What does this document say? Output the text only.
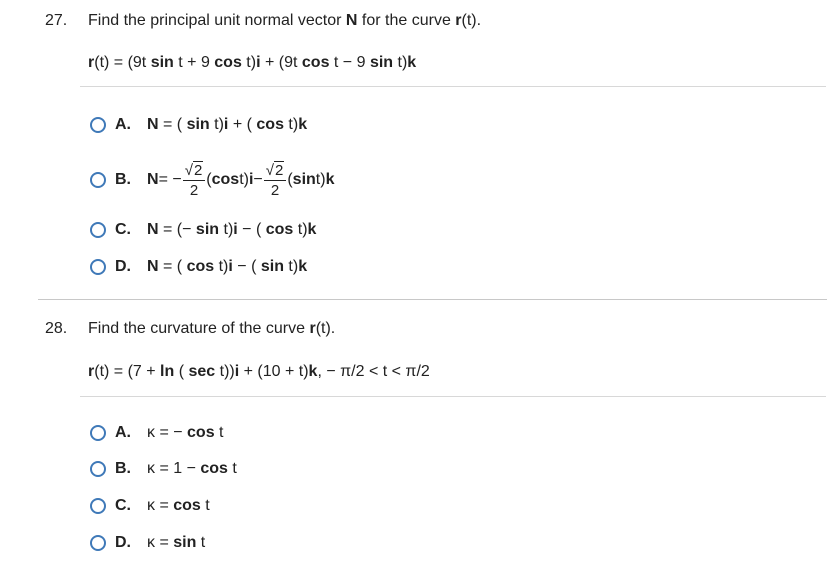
27. Find the principal unit normal vector N for the curve r(t).
r(t) = (9t sin t + 9 cos t)i + (9t cos t − 9 sin t)k
A.	N = ( sin t)i + ( cos t)k
B.	N = − $\frac{√2}{2}$ ( cos t) $i - \frac{√2}{2}$ ( sin t) k
C.	N = (− sin t)i − ( cos t)k
D.	N = ( cos t)i − ( sin t)k
28. Find the curvature of the curve r(t).
r(t) = (7 + ln ( sec t))i + (10 + t)k, − π/2 < t < π/2
A.	κ = − cos t
B.	κ = 1 − cos t
C.	κ = cos t
D.	κ = sin t
